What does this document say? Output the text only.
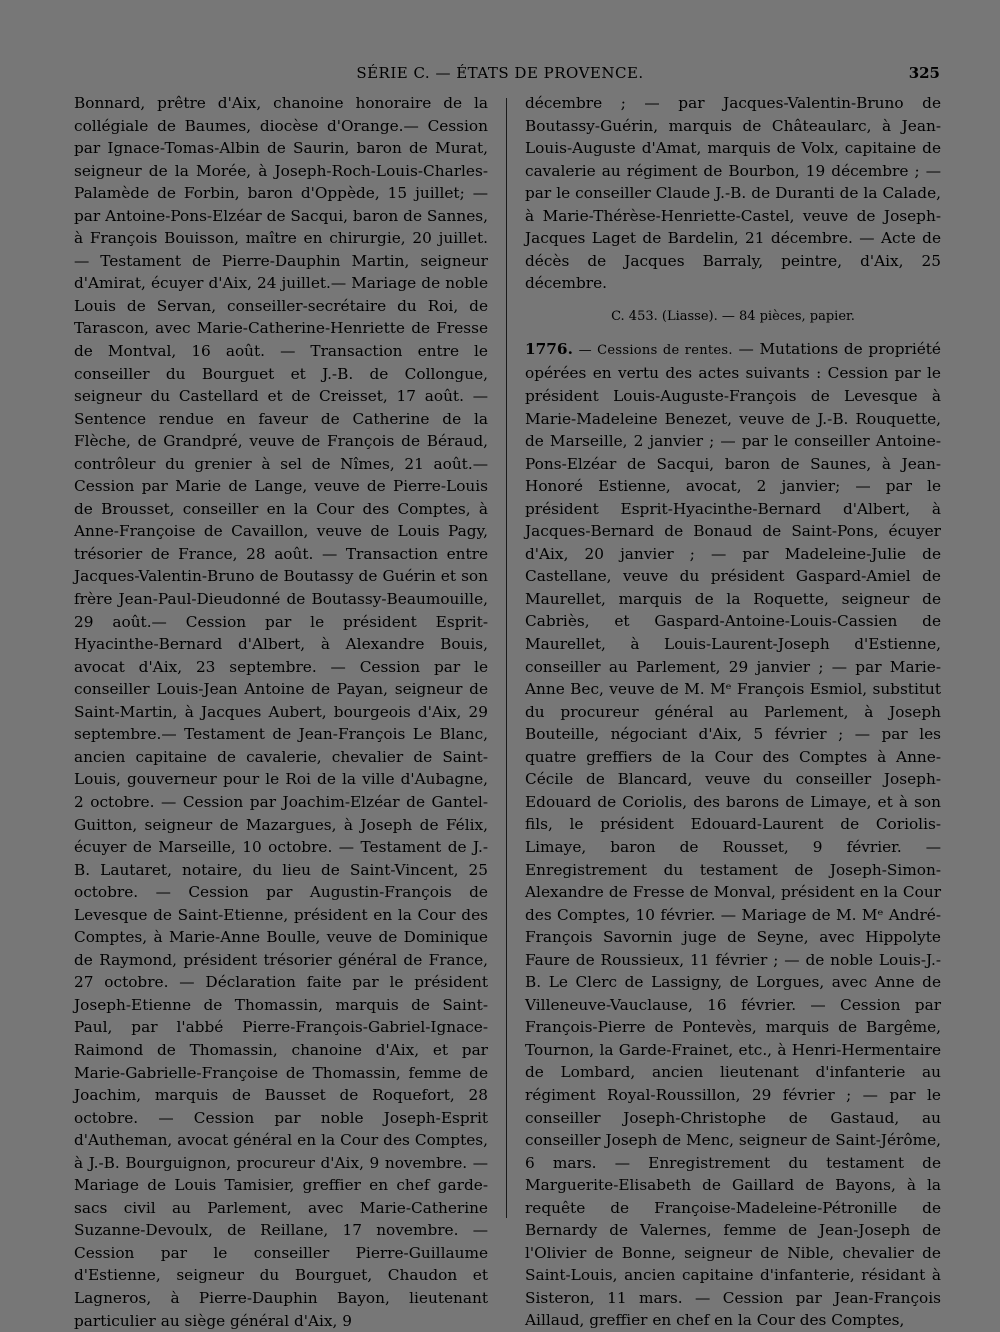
SÉRIE C. — ÉTATS DE PROVENCE.	325

Bonnard, prêtre d'Aix, chanoine honoraire de la collégiale de Baumes, diocèse d'Orange.— Cession par Ignace-Tomas-Albin de Saurin, baron de Murat, seigneur de la Morée, à Joseph-Roch-Louis-Charles-Palamède de Forbin, baron d'Oppède, 15 juillet; — par Antoine-Pons-Elzéar de Sacqui, baron de Sannes, à François Bouisson, maître en chirurgie, 20 juillet. — Testament de Pierre-Dauphin Martin, seigneur d'Amirat, écuyer d'Aix, 24 juillet.— Mariage de noble Louis de Servan, conseiller-secrétaire du Roi, de Tarascon, avec Marie-Catherine-Henriette de Fresse de Montval, 16 août. — Transaction entre le conseiller du Bourguet et J.-B. de Collongue, seigneur du Castellard et de Creisset, 17 août. — Sentence rendue en faveur de Catherine de la Flèche, de Grandpré, veuve de François de Béraud, contrôleur du grenier à sel de Nîmes, 21 août.— Cession par Marie de Lange, veuve de Pierre-Louis de Brousset, conseiller en la Cour des Comptes, à Anne-Françoise de Cavaillon, veuve de Louis Pagy, trésorier de France, 28 août. — Transaction entre Jacques-Valentin-Bruno de Boutassy de Guérin et son frère Jean-Paul-Dieudonné de Boutassy-Beaumouille, 29 août.— Cession par le président Esprit-Hyacinthe-Bernard d'Albert, à Alexandre Bouis, avocat d'Aix, 23 septembre. — Cession par le conseiller Louis-Jean Antoine de Payan, seigneur de Saint-Martin, à Jacques Aubert, bourgeois d'Aix, 29 septembre.— Testament de Jean-François Le Blanc, ancien capitaine de cavalerie, chevalier de Saint-Louis, gouverneur pour le Roi de la ville d'Aubagne, 2 octobre. — Cession par Joachim-Elzéar de Gantel-Guitton, seigneur de Mazargues, à Joseph de Félix, écuyer de Marseille, 10 octobre. — Testament de J.-B. Lautaret, notaire, du lieu de Saint-Vincent, 25 octobre. — Cession par Augustin-François de Levesque de Saint-Etienne, président en la Cour des Comptes, à Marie-Anne Boulle, veuve de Dominique de Raymond, président trésorier général de France, 27 octobre. — Déclaration faite par le président Joseph-Etienne de Thomassin, marquis de Saint-Paul, par l'abbé Pierre-François-Gabriel-Ignace-Raimond de Thomassin, chanoine d'Aix, et par Marie-Gabrielle-Françoise de Thomassin, femme de Joachim, marquis de Bausset de Roquefort, 28 octobre. — Cession par noble Joseph-Esprit d'Autheman, avocat général en la Cour des Comptes, à J.-B. Bourguignon, procureur d'Aix, 9 novembre. — Mariage de Louis Tamisier, greffier en chef garde-sacs civil au Parlement, avec Marie-Catherine Suzanne-Devoulx, de Reillane, 17 novembre. — Cession par le conseiller Pierre-Guillaume d'Estienne, seigneur du Bourguet, Chaudon et Lagneros, à Pierre-Dauphin Bayon, lieutenant particulier au siège général d'Aix, 9

décembre ; — par Jacques-Valentin-Bruno de Boutassy-Guérin, marquis de Châteaularc, à Jean-Louis-Auguste d'Amat, marquis de Volx, capitaine de cavalerie au régiment de Bourbon, 19 décembre ; — par le conseiller Claude J.-B. de Duranti de la Calade, à Marie-Thérèse-Henriette-Castel, veuve de Joseph-Jacques Laget de Bardelin, 21 décembre. — Acte de décès de Jacques Barraly, peintre, d'Aix, 25 décembre.

C. 453. (Liasse). — 84 pièces, papier.

1776. — Cessions de rentes. — Mutations de propriété opérées en vertu des actes suivants : Cession par le président Louis-Auguste-François de Levesque à Marie-Madeleine Benezet, veuve de J.-B. Rouquette, de Marseille, 2 janvier ; — par le conseiller Antoine-Pons-Elzéar de Sacqui, baron de Saunes, à Jean-Honoré Estienne, avocat, 2 janvier; — par le président Esprit-Hyacinthe-Bernard d'Albert, à Jacques-Bernard de Bonaud de Saint-Pons, écuyer d'Aix, 20 janvier ; — par Madeleine-Julie de Castellane, veuve du président Gaspard-Amiel de Maurellet, marquis de la Roquette, seigneur de Cabriès, et Gaspard-Antoine-Louis-Cassien de Maurellet, à Louis-Laurent-Joseph d'Estienne, conseiller au Parlement, 29 janvier ; — par Marie-Anne Bec, veuve de M. Mᵉ François Esmiol, substitut du procureur général au Parlement, à Joseph Bouteille, négociant d'Aix, 5 février ; — par les quatre greffiers de la Cour des Comptes à Anne-Cécile de Blancard, veuve du conseiller Joseph-Edouard de Coriolis, des barons de Limaye, et à son fils, le président Edouard-Laurent de Coriolis-Limaye, baron de Rousset, 9 février. — Enregistrement du testament de Joseph-Simon-Alexandre de Fresse de Monval, président en la Cour des Comptes, 10 février. — Mariage de M. Mᵉ André-François Savornin juge de Seyne, avec Hippolyte Faure de Roussieux, 11 février ; — de noble Louis-J.-B. Le Clerc de Lassigny, de Lorgues, avec Anne de Villeneuve-Vauclause, 16 février. — Cession par François-Pierre de Pontevès, marquis de Bargême, Tournon, la Garde-Frainet, etc., à Henri-Hermentaire de Lombard, ancien lieutenant d'infanterie au régiment Royal-Roussillon, 29 février ; — par le conseiller Joseph-Christophe de Gastaud, au conseiller Joseph de Menc, seigneur de Saint-Jérôme, 6 mars. — Enregistrement du testament de Marguerite-Elisabeth de Gaillard de Bayons, à la requête de Françoise-Madeleine-Pétronille de Bernardy de Valernes, femme de Jean-Joseph de l'Olivier de Bonne, seigneur de Nible, chevalier de Saint-Louis, ancien capitaine d'infanterie, résidant à Sisteron, 11 mars. — Cession par Jean-François Aillaud, greffier en chef en la Cour des Comptes,
